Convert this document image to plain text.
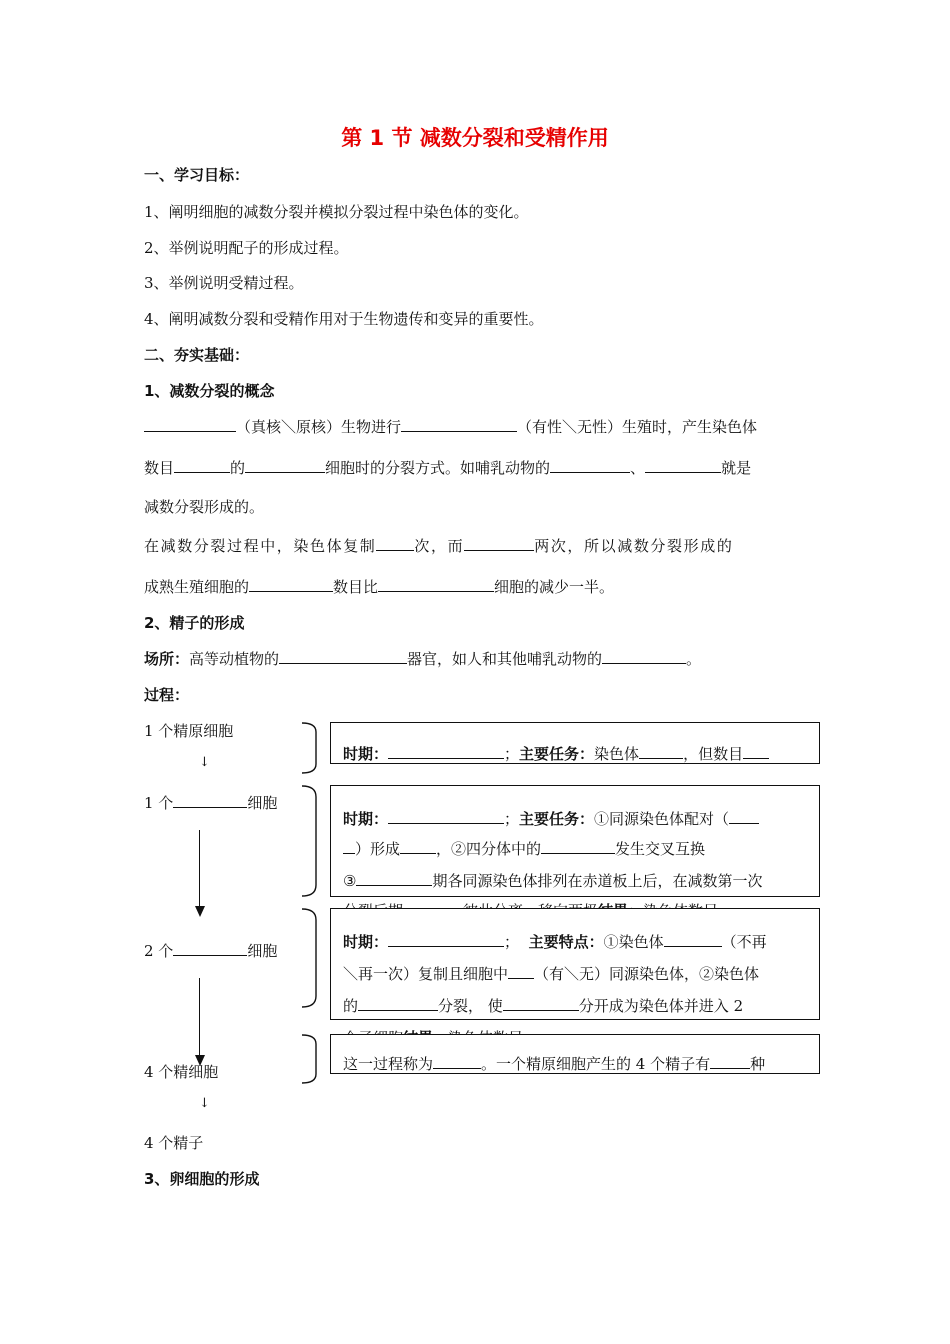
第 1 节 减数分裂和受精作用
一、学习目标：
1、阐明细胞的减数分裂并模拟分裂过程中染色体的变化。
2、举例说明配子的形成过程。
3、举例说明受精过程。
4、阐明减数分裂和受精作用对于生物遗传和变异的重要性。
二、夯实基础：
1、减数分裂的概念
（真核＼原核）生物进行	（有性＼无性）生殖时，产生染色体
数目	的	细胞时的分裂方式。如哺乳动物的	、	就是
减数分裂形成的。
在减数分裂过程中，染色体复制	次，而	两次，所以减数分裂形成的
成熟生殖细胞的	数目比	细胞的减少一半。
2、精子的形成
场所：高等动植物的	器官，如人和其他哺乳动物的	。
过程：
1 个精原细胞
↓
1 个	细胞
2 个	细胞
4 个精细胞
↓
4 个精子
时期：	；主要任务：染色体	，但数目
时期：	；主要任务：①同源染色体配对（
）形成 ，②四分体中的	发生交叉互换
③	期各同源染色体排列在赤道板上后，在减数第一次
时期：	； 主要特点：①染色体	（不再
＼再一次）复制且细胞中 （有＼无）同源染色体，②染色体
的	分裂， 使	分开成为染色体并进入 2
这一过程称为	。一个精原细胞产生的 4 个精子有	种
3、卵细胞的形成
